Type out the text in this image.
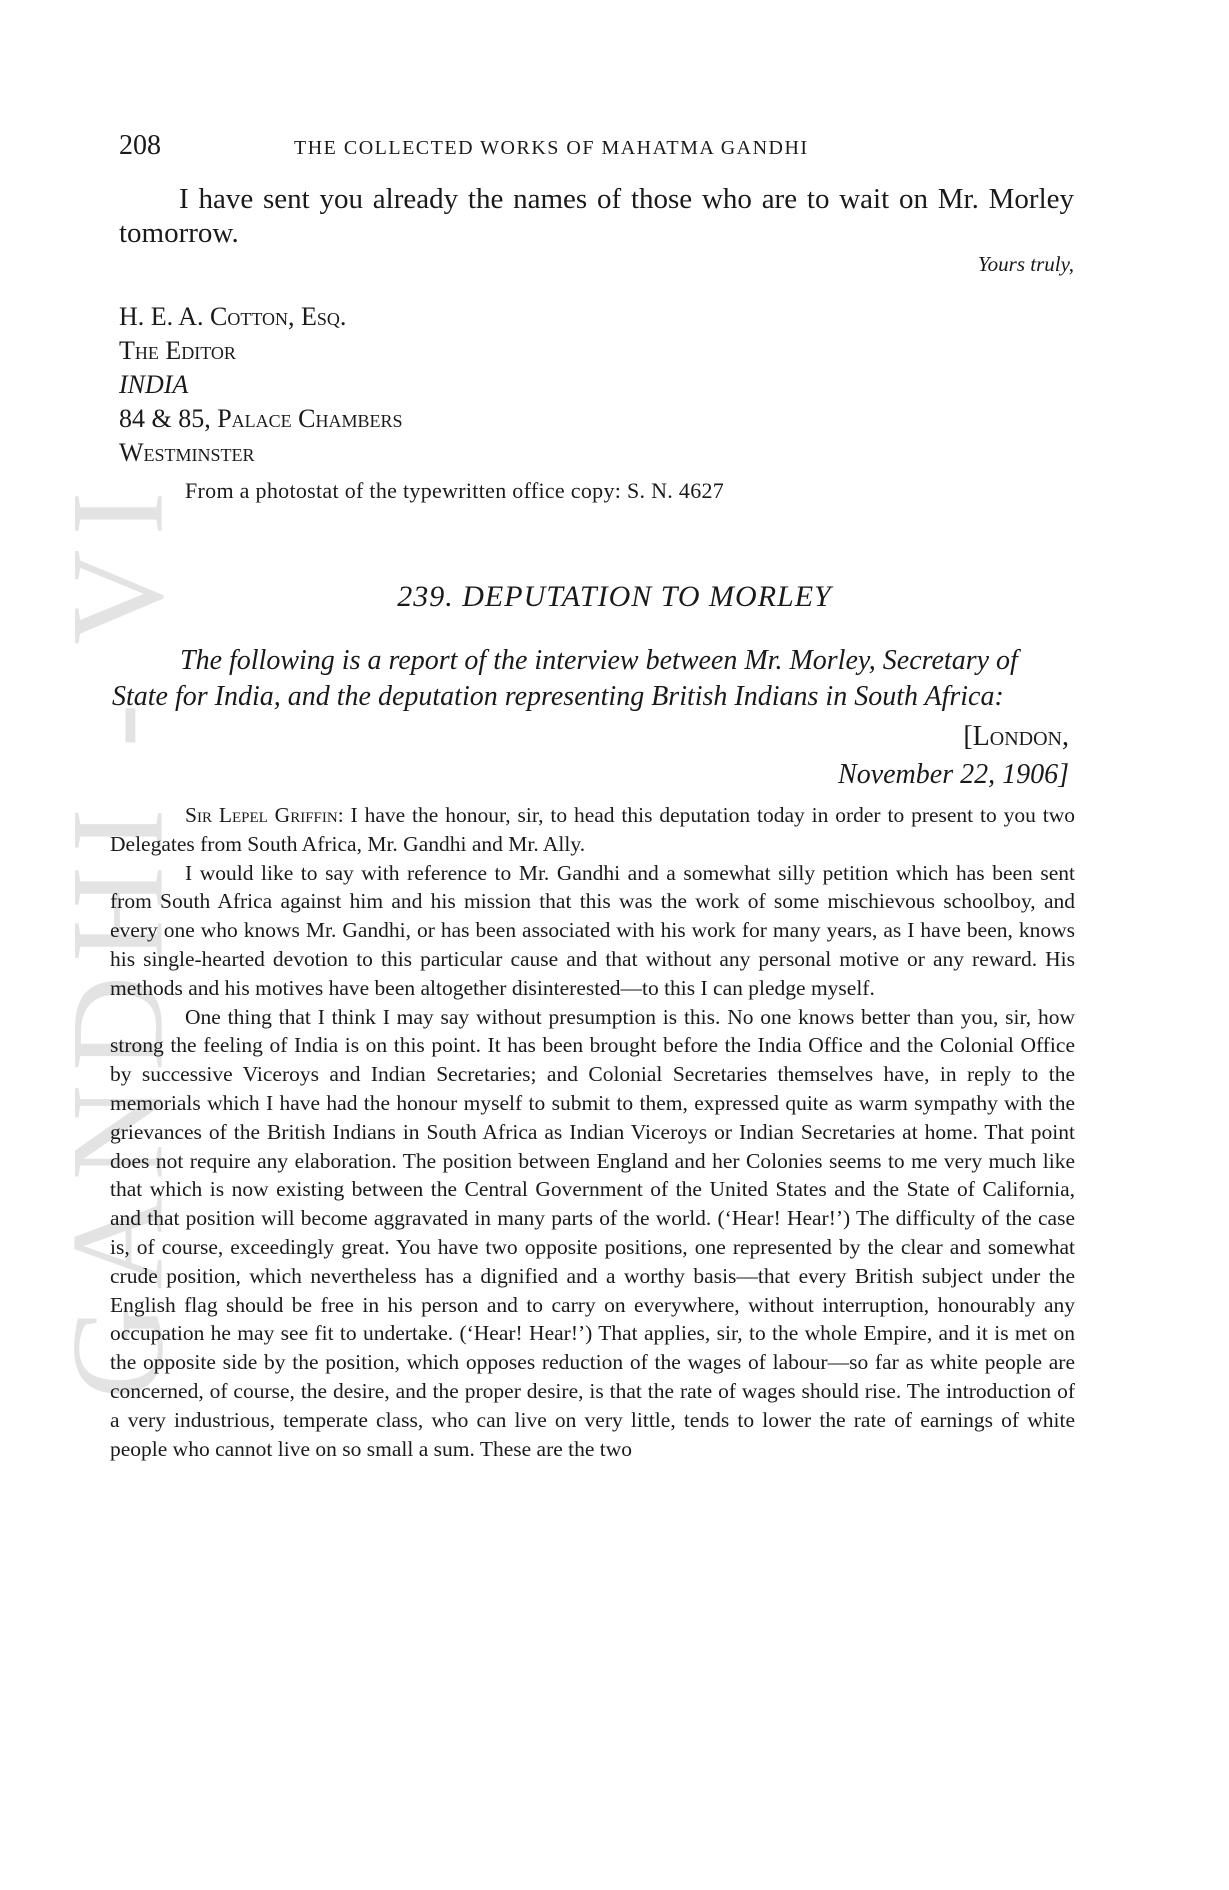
GANDHI - VI
208	THE COLLECTED WORKS OF MAHATMA GANDHI
I have sent you already the names of those who are to wait on Mr. Morley tomorrow.
Yours truly,
H. E. A. Cotton, Esq.
The Editor
INDIA
84 & 85, Palace Chambers
Westminster
From a photostat of the typewritten office copy: S. N. 4627
239. DEPUTATION TO MORLEY
The following is a report of the interview between Mr. Morley, Secretary of
State for India, and the deputation representing British Indians in South Africa:
[London,
November 22, 1906]

Sir Lepel Griffin: I have the honour, sir, to head this deputation today in order to present to you two Delegates from South Africa, Mr. Gandhi and Mr. Ally.

I would like to say with reference to Mr. Gandhi and a somewhat silly petition which has been sent from South Africa against him and his mission that this was the work of some mischievous schoolboy, and every one who knows Mr. Gandhi, or has been associated with his work for many years, as I have been, knows his single-hearted devotion to this particular cause and that without any personal motive or any reward. His methods and his motives have been altogether disinterested—to this I can pledge myself.

One thing that I think I may say without presumption is this. No one knows better than you, sir, how strong the feeling of India is on this point. It has been brought before the India Office and the Colonial Office by successive Viceroys and Indian Secretaries; and Colonial Secretaries themselves have, in reply to the memorials which I have had the honour myself to submit to them, expressed quite as warm sympathy with the grievances of the British Indians in South Africa as Indian Viceroys or Indian Secretaries at home. That point does not require any elaboration. The position between England and her Colonies seems to me very much like that which is now existing between the Central Government of the United States and the State of California, and that position will become aggravated in many parts of the world. (‘Hear! Hear!’) The difficulty of the case is, of course, exceedingly great. You have two opposite positions, one represented by the clear and somewhat crude position, which nevertheless has a dignified and a worthy basis—that every British subject under the English flag should be free in his person and to carry on everywhere, without interruption, honourably any occupation he may see fit to undertake. (‘Hear! Hear!’) That applies, sir, to the whole Empire, and it is met on the opposite side by the position, which opposes reduction of the wages of labour—so far as white people are concerned, of course, the desire, and the proper desire, is that the rate of wages should rise. The introduction of a very industrious, temperate class, who can live on very little, tends to lower the rate of earnings of white people who cannot live on so small a sum. These are the two
